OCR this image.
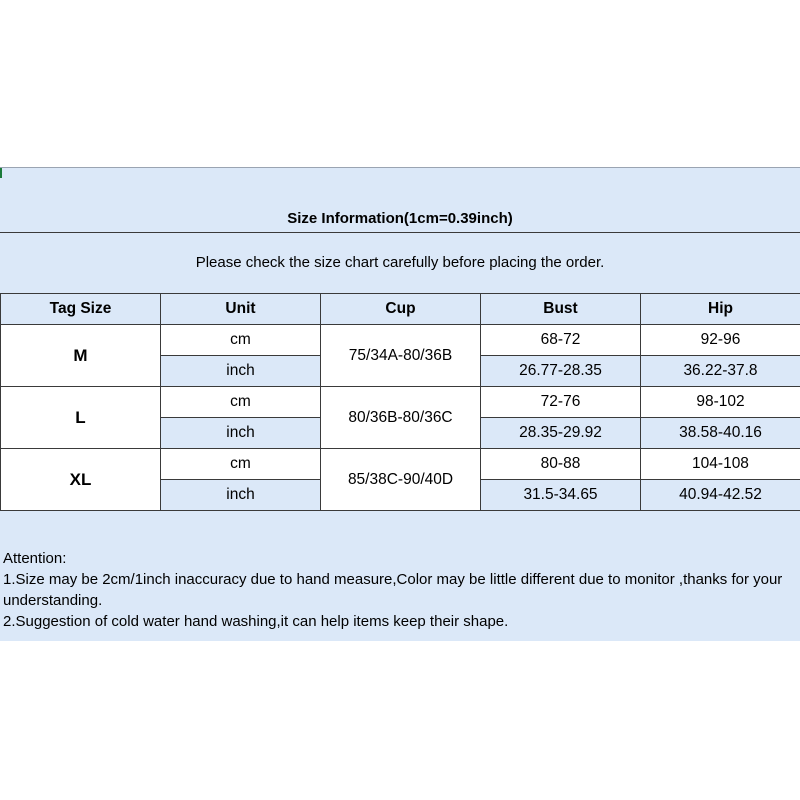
Size Information(1cm=0.39inch)
Please check the size chart carefully before placing the order.
Tag Size	Unit	Cup	Bust	Hip
M	cm	75/34A-80/36B	68-72	92-96
	inch		26.77-28.35	36.22-37.8
L	cm	80/36B-80/36C	72-76	98-102
	inch		28.35-29.92	38.58-40.16
XL	cm	85/38C-90/40D	80-88	104-108
	inch		31.5-34.65	40.94-42.52
Attention:
1.Size may be 2cm/1inch inaccuracy due to hand measure,Color may be little different due to monitor ,thanks for your understanding.
2.Suggestion of cold water hand washing,it can help items keep their shape.
